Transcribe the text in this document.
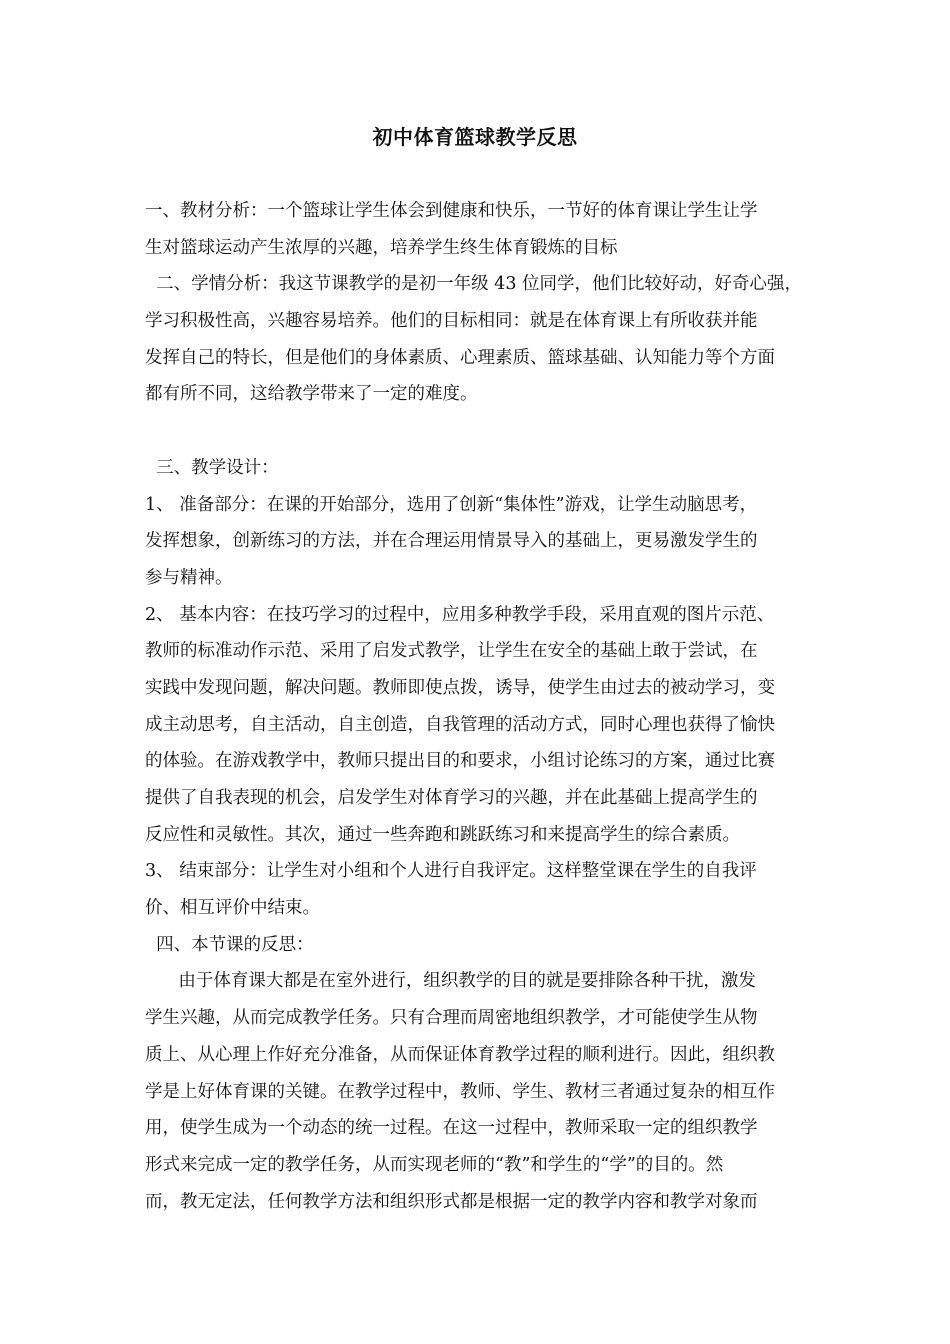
初中体育篮球教学反思
一、教材分析：一个篮球让学生体会到健康和快乐，一节好的体育课让学生让学
生对篮球运动产生浓厚的兴趣，培养学生终生体育锻炼的目标
二、学情分析：我这节课教学的是初一年级 43 位同学，他们比较好动，好奇心强，
学习积极性高，兴趣容易培养。他们的目标相同：就是在体育课上有所收获并能
发挥自己的特长，但是他们的身体素质、心理素质、篮球基础、认知能力等个方面
都有所不同，这给教学带来了一定的难度。
三、教学设计：
1、 准备部分：在课的开始部分，选用了创新“集体性”游戏，让学生动脑思考，
发挥想象，创新练习的方法，并在合理运用情景导入的基础上，更易激发学生的
参与精神。
2、 基本内容：在技巧学习的过程中，应用多种教学手段，采用直观的图片示范、
教师的标准动作示范、采用了启发式教学，让学生在安全的基础上敢于尝试，在
实践中发现问题，解决问题。教师即使点拨，诱导，使学生由过去的被动学习，变
成主动思考，自主活动，自主创造，自我管理的活动方式，同时心理也获得了愉快
的体验。在游戏教学中，教师只提出目的和要求，小组讨论练习的方案，通过比赛
提供了自我表现的机会，启发学生对体育学习的兴趣，并在此基础上提高学生的
反应性和灵敏性。其次，通过一些奔跑和跳跃练习和来提高学生的综合素质。
3、 结束部分：让学生对小组和个人进行自我评定。这样整堂课在学生的自我评
价、相互评价中结束。
四、本节课的反思：
由于体育课大都是在室外进行，组织教学的目的就是要排除各种干扰，激发
学生兴趣，从而完成教学任务。只有合理而周密地组织教学，才可能使学生从物
质上、从心理上作好充分准备，从而保证体育教学过程的顺利进行。因此，组织教
学是上好体育课的关键。在教学过程中，教师、学生、教材三者通过复杂的相互作
用，使学生成为一个动态的统一过程。在这一过程中，教师采取一定的组织教学
形式来完成一定的教学任务，从而实现老师的“教”和学生的“学”的目的。然
而，教无定法，任何教学方法和组织形式都是根据一定的教学内容和教学对象而
